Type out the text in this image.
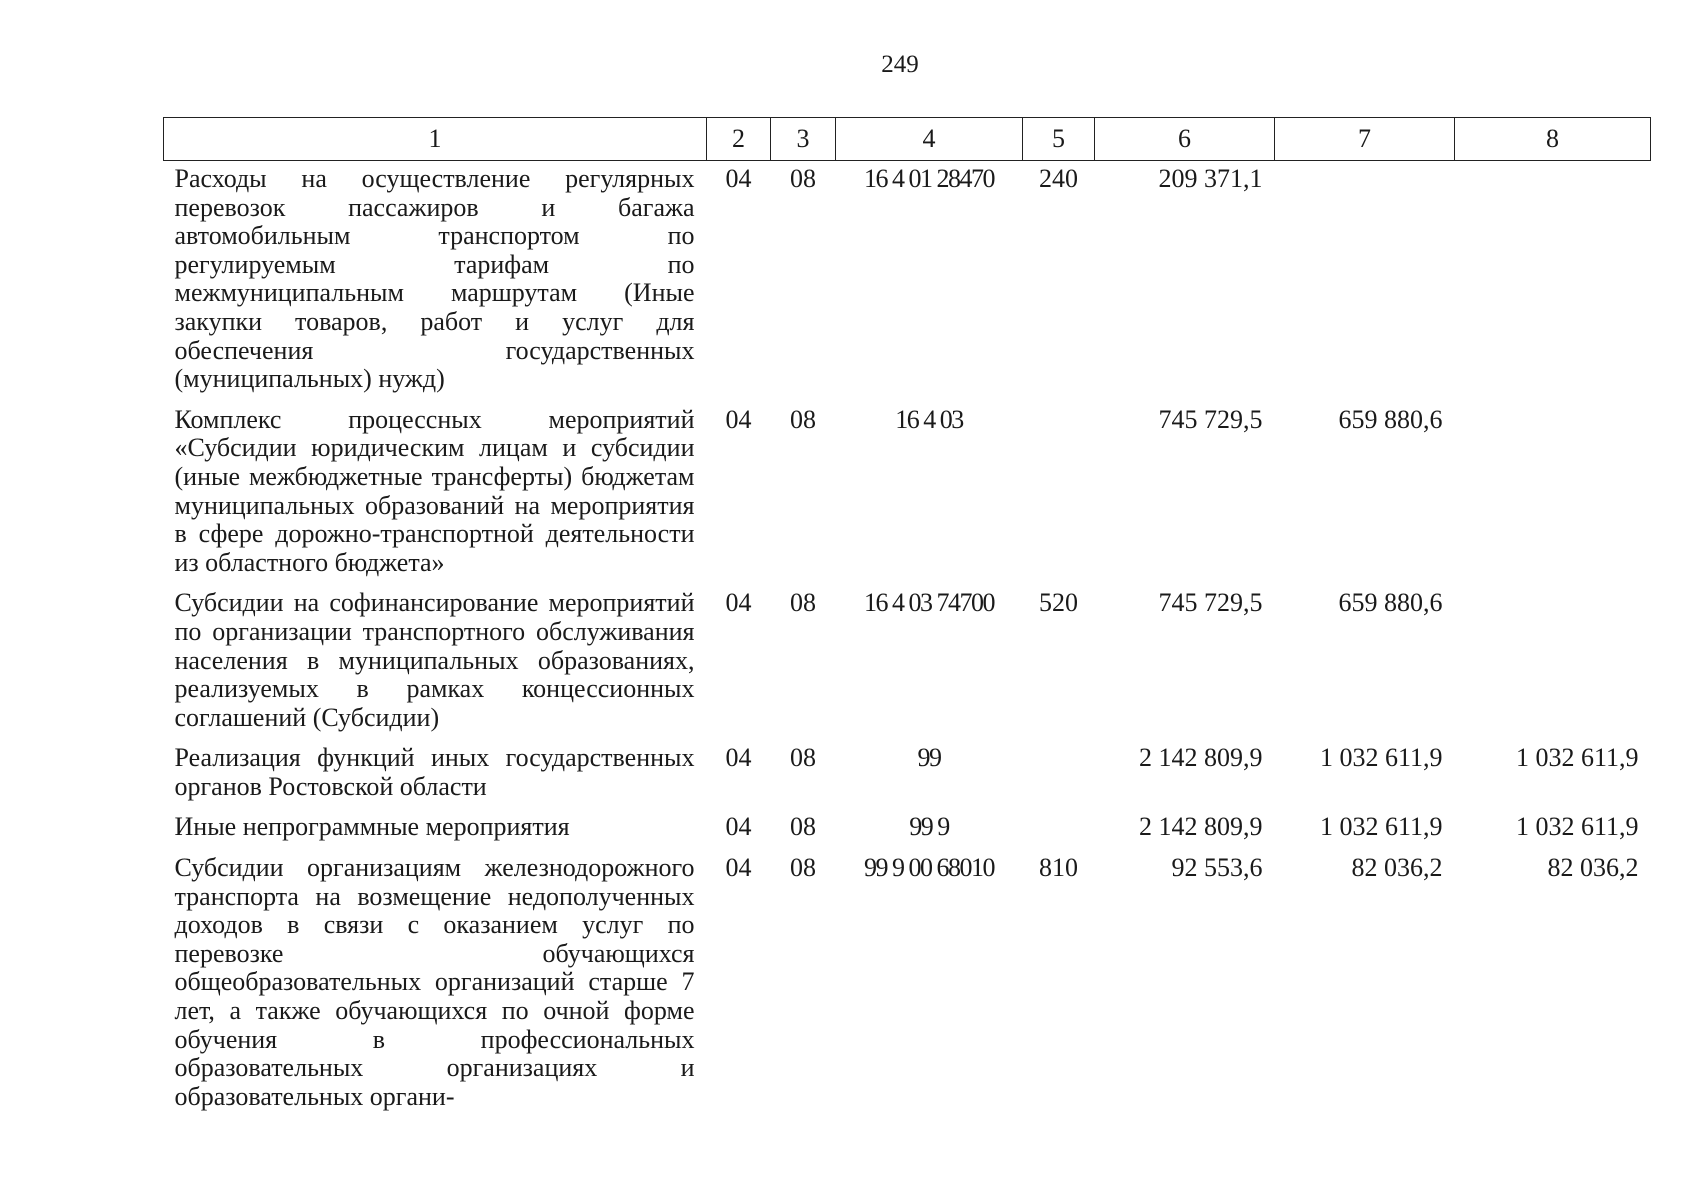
249
1	2	3	4	5	6	7	8
Расходы на осуществление регулярных перевозок пассажиров и багажа автомобильным транспортом по регулируемым тарифам по межмуниципальным маршрутам (Иные закупки товаров, работ и услуг для обеспечения государственных (муниципальных) нужд)	04	08	16 4 01 28470	240	209 371,1		
Комплекс процессных мероприятий «Субсидии юридическим лицам и субсидии (иные межбюджетные трансферты) бюджетам муниципальных образований на мероприятия в сфере дорожно-транспортной деятельности из областного бюджета»	04	08	16 4 03		745 729,5	659 880,6	
Субсидии на софинансирование мероприятий по организации транспортного обслуживания населения в муниципальных образованиях, реализуемых в рамках концессионных соглашений (Субсидии)	04	08	16 4 03 74700	520	745 729,5	659 880,6	
Реализация функций иных государственных органов Ростовской области	04	08	99		2 142 809,9	1 032 611,9	1 032 611,9
Иные непрограммные мероприятия	04	08	99 9		2 142 809,9	1 032 611,9	1 032 611,9
Субсидии организациям железнодорожного транспорта на возмещение недополученных доходов в связи с оказанием услуг по перевозке обучающихся общеобразовательных организаций старше 7 лет, а также обучающихся по очной форме обучения в профессиональных образовательных организациях и образовательных органи-	04	08	99 9 00 68010	810	92 553,6	82 036,2	82 036,2
